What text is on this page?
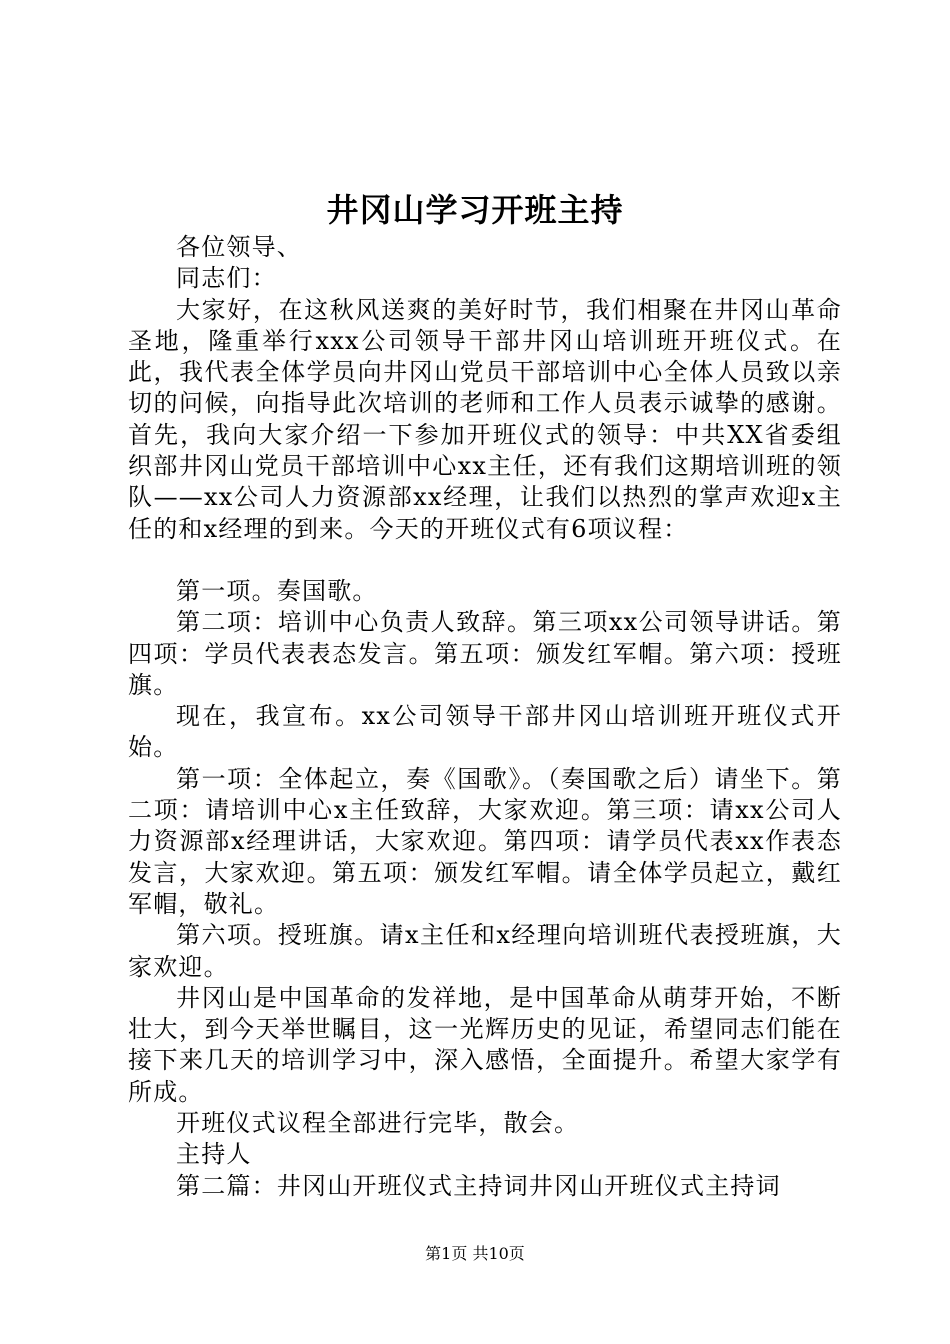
井冈山学习开班主持

各位领导、

同志们：

大家好，在这秋风送爽的美好时节，我们相聚在井冈山革命圣地，隆重举行xxx公司领导干部井冈山培训班开班仪式。在此，我代表全体学员向井冈山党员干部培训中心全体人员致以亲切的问候，向指导此次培训的老师和工作人员表示诚挚的感谢。首先，我向大家介绍一下参加开班仪式的领导：中共XX省委组织部井冈山党员干部培训中心xx主任，还有我们这期培训班的领队——xx公司人力资源部xx经理，让我们以热烈的掌声欢迎x主任的和x经理的到来。今天的开班仪式有6项议程：

第一项。奏国歌。

第二项：培训中心负责人致辞。第三项xx公司领导讲话。第四项：学员代表表态发言。第五项：颁发红军帽。第六项：授班旗。

现在，我宣布。xx公司领导干部井冈山培训班开班仪式开始。

第一项：全体起立，奏《国歌》。（奏国歌之后）请坐下。第二项：请培训中心x主任致辞，大家欢迎。第三项：请xx公司人力资源部x经理讲话，大家欢迎。第四项：请学员代表xx作表态发言，大家欢迎。第五项：颁发红军帽。请全体学员起立，戴红军帽，敬礼。

第六项。授班旗。请x主任和x经理向培训班代表授班旗，大家欢迎。

井冈山是中国革命的发祥地，是中国革命从萌芽开始，不断壮大，到今天举世瞩目，这一光辉历史的见证，希望同志们能在接下来几天的培训学习中，深入感悟，全面提升。希望大家学有所成。

开班仪式议程全部进行完毕，散会。

主持人

第二篇：井冈山开班仪式主持词井冈山开班仪式主持词

第1页 共10页
